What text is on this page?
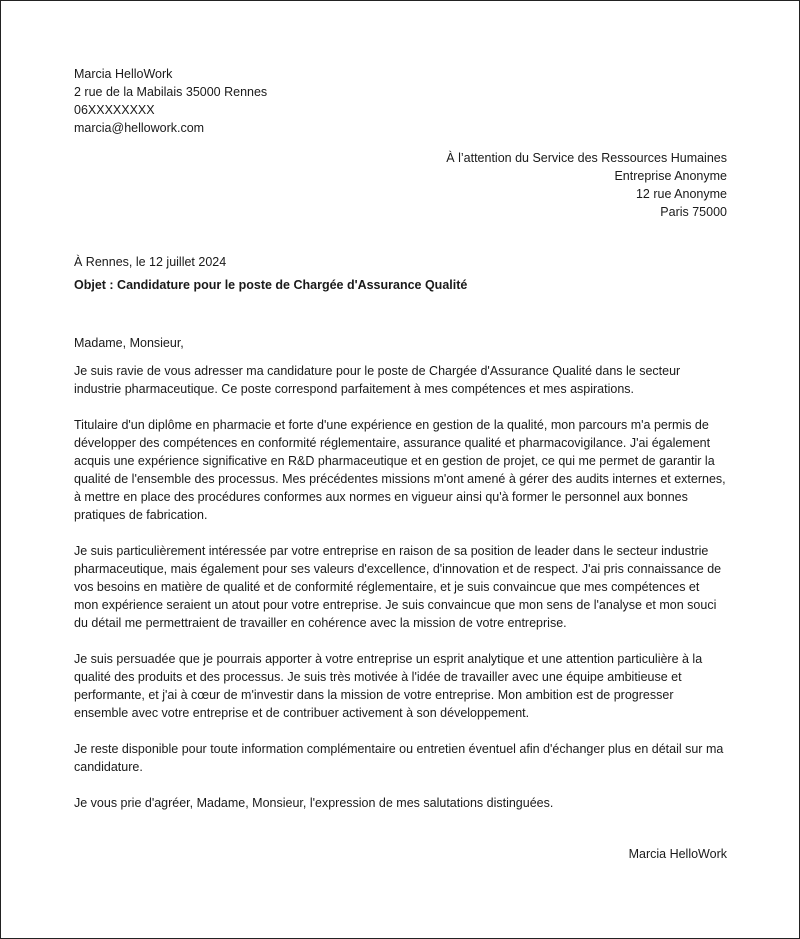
Marcia HelloWork
2 rue de la Mabilais 35000 Rennes
06XXXXXXXX
marcia@hellowork.com
À l’attention du Service des Ressources Humaines
Entreprise Anonyme
12 rue Anonyme
Paris 75000
À Rennes, le 12 juillet 2024
Objet : Candidature pour le poste de Chargée d'Assurance Qualité

Madame, Monsieur,

Je suis ravie de vous adresser ma candidature pour le poste de Chargée d'Assurance Qualité dans le secteur industrie pharmaceutique. Ce poste correspond parfaitement à mes compétences et mes aspirations.

Titulaire d'un diplôme en pharmacie et forte d'une expérience en gestion de la qualité, mon parcours m'a permis de développer des compétences en conformité réglementaire, assurance qualité et pharmacovigilance. J'ai également acquis une expérience significative en R&D pharmaceutique et en gestion de projet, ce qui me permet de garantir la qualité de l'ensemble des processus. Mes précédentes missions m'ont amené à gérer des audits internes et externes, à mettre en place des procédures conformes aux normes en vigueur ainsi qu'à former le personnel aux bonnes pratiques de fabrication.

Je suis particulièrement intéressée par votre entreprise en raison de sa position de leader dans le secteur industrie pharmaceutique, mais également pour ses valeurs d'excellence, d'innovation et de respect. J'ai pris connaissance de vos besoins en matière de qualité et de conformité réglementaire, et je suis convaincue que mes compétences et mon expérience seraient un atout pour votre entreprise. Je suis convaincue que mon sens de l'analyse et mon souci du détail me permettraient de travailler en cohérence avec la mission de votre entreprise.

Je suis persuadée que je pourrais apporter à votre entreprise un esprit analytique et une attention particulière à la qualité des produits et des processus. Je suis très motivée à l'idée de travailler avec une équipe ambitieuse et performante, et j'ai à cœur de m'investir dans la mission de votre entreprise. Mon ambition est de progresser ensemble avec votre entreprise et de contribuer activement à son développement.

Je reste disponible pour toute information complémentaire ou entretien éventuel afin d'échanger plus en détail sur ma candidature.

Je vous prie d'agréer, Madame, Monsieur, l'expression de mes salutations distinguées.

Marcia HelloWork
